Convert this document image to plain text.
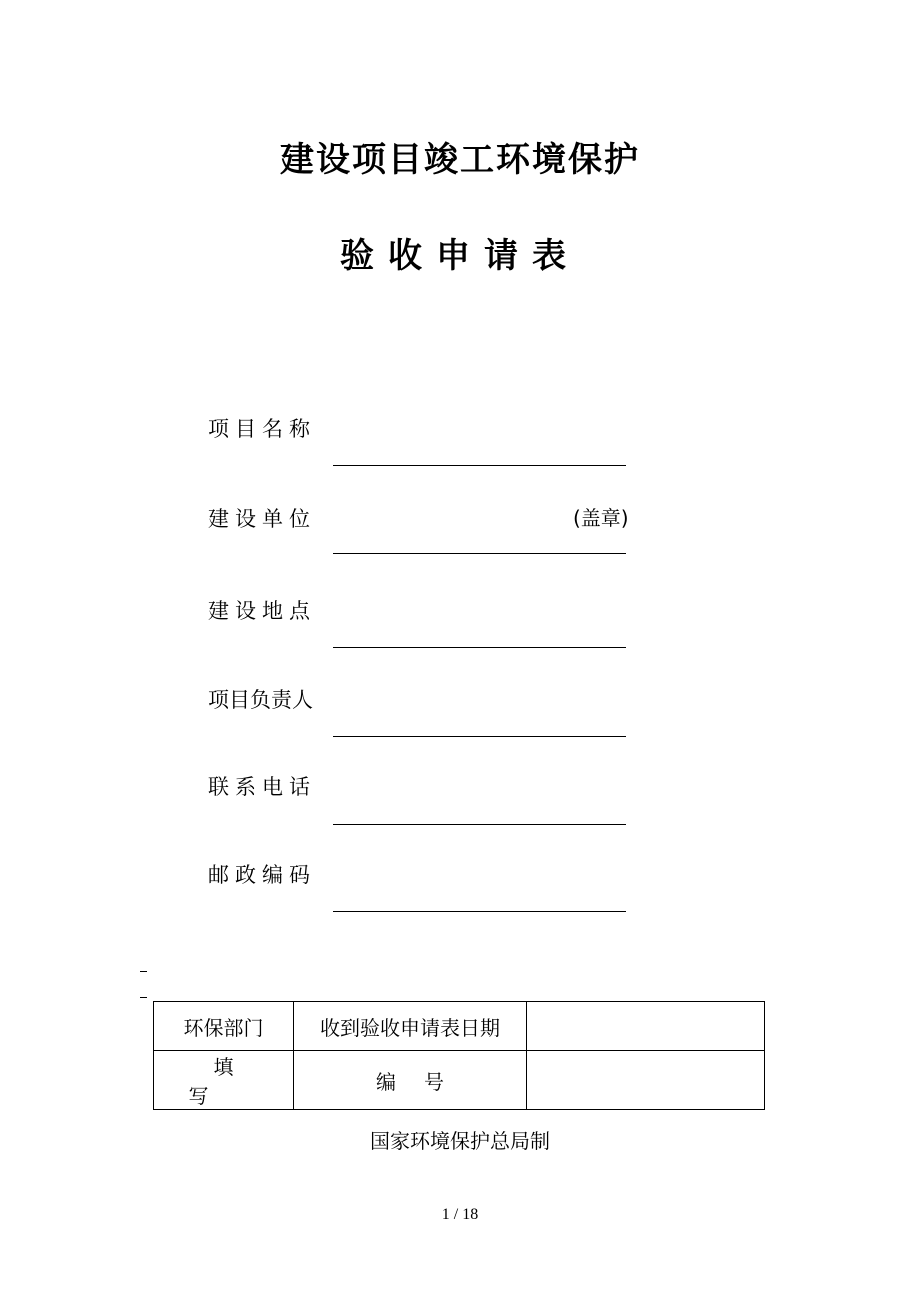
建设项目竣工环境保护
验收申请表
项目名称
建设单位	(盖章)
建设地点
项目负责人
联系电话
邮政编码
环保部门	收到验收申请表日期	
填写	编号	
国家环境保护总局制
1 / 18
